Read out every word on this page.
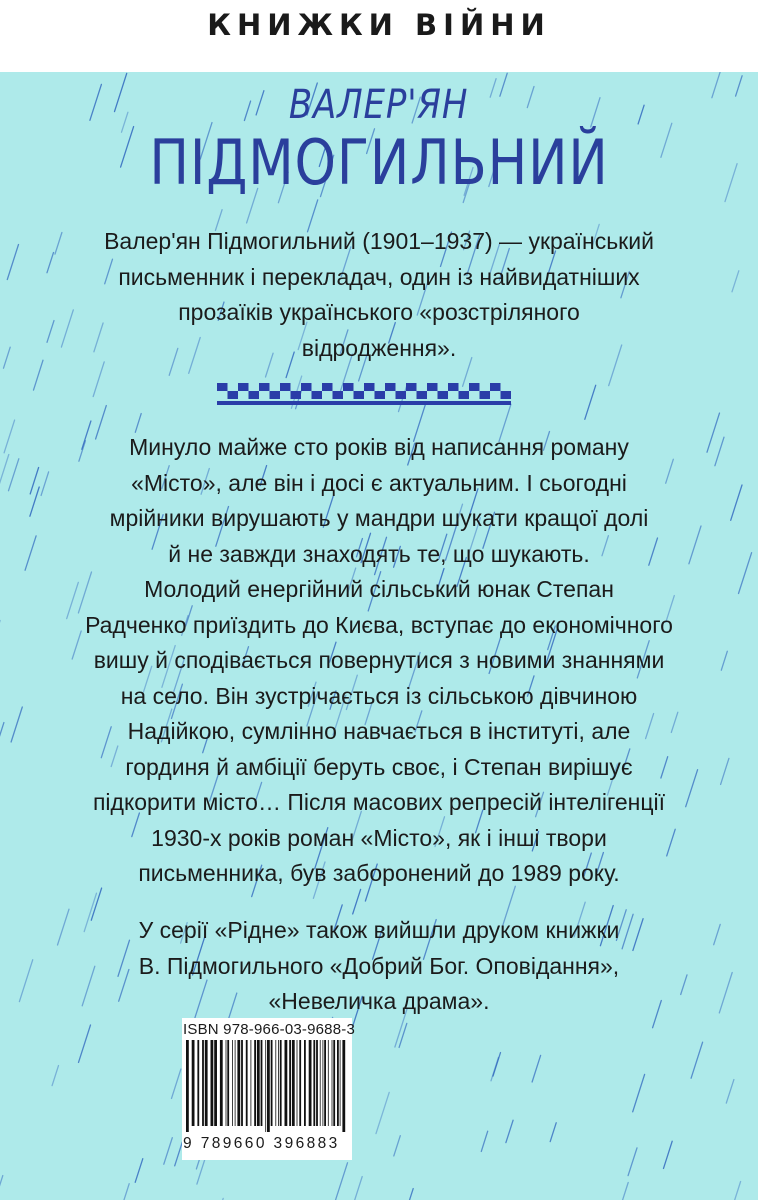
КНИЖКИ ВІЙНИ
ВАЛЕР'ЯН
ПІДМОГИЛЬНИЙ

Валер'ян Підмогильний (1901–1937) — український

письменник і перекладач, один із найвидатніших

прозаїків українського «розстріляного

відродження».

Минуло майже сто років від написання роману

«Місто», але він і досі є актуальним. І сьогодні

мрійники вирушають у мандри шукати кращої долі

й не завжди знаходять те, що шукають.

Молодий енергійний сільський юнак Степан

Радченко приїздить до Києва, вступає до економічного

вишу й сподівається повернутися з новими знаннями

на село. Він зустрічається із сільською дівчиною

Надійкою, сумлінно навчається в інституті, але

гординя й амбіції беруть своє, і Степан вирішує

підкорити місто… Після масових репресій інтелігенції

1930-х років роман «Місто», як і інші твори

письменника, був заборонений до 1989 року.

У серії «Рідне» також вийшли друком книжки

В. Підмогильного «Добрий Бог. Оповідання»,

«Невеличка драма».

ISBN 978-966-03-9688-3
9 789660 396883
